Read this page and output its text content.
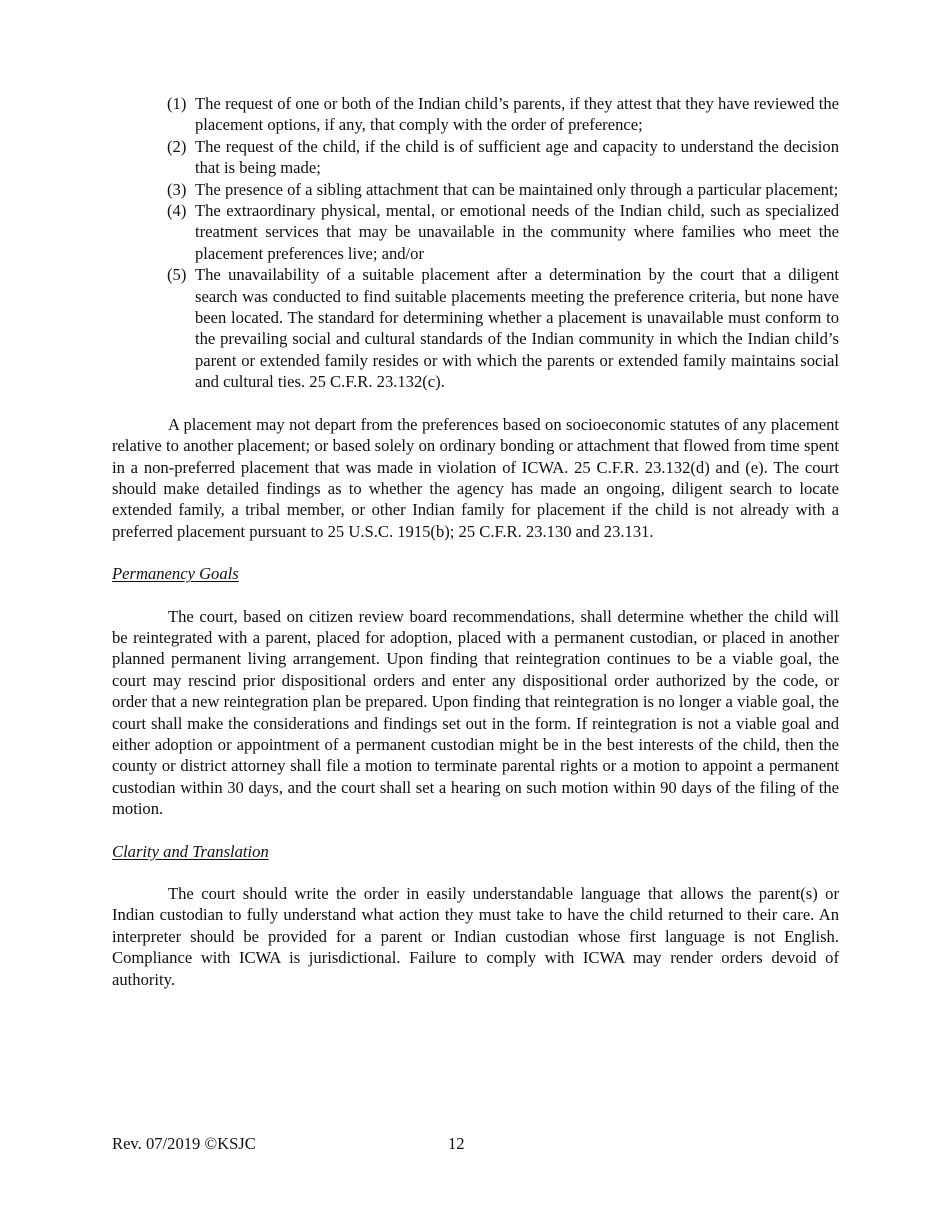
(1) The request of one or both of the Indian child’s parents, if they attest that they have reviewed the placement options, if any, that comply with the order of preference;
(2) The request of the child, if the child is of sufficient age and capacity to understand the decision that is being made;
(3) The presence of a sibling attachment that can be maintained only through a particular placement;
(4) The extraordinary physical, mental, or emotional needs of the Indian child, such as specialized treatment services that may be unavailable in the community where families who meet the placement preferences live; and/or
(5) The unavailability of a suitable placement after a determination by the court that a diligent search was conducted to find suitable placements meeting the preference criteria, but none have been located. The standard for determining whether a placement is unavailable must conform to the prevailing social and cultural standards of the Indian community in which the Indian child’s parent or extended family resides or with which the parents or extended family maintains social and cultural ties. 25 C.F.R. 23.132(c).

A placement may not depart from the preferences based on socioeconomic statutes of any placement relative to another placement; or based solely on ordinary bonding or attachment that flowed from time spent in a non-preferred placement that was made in violation of ICWA. 25 C.F.R. 23.132(d) and (e). The court should make detailed findings as to whether the agency has made an ongoing, diligent search to locate extended family, a tribal member, or other Indian family for placement if the child is not already with a preferred placement pursuant to 25 U.S.C. 1915(b); 25 C.F.R. 23.130 and 23.131.

Permanency Goals

The court, based on citizen review board recommendations, shall determine whether the child will be reintegrated with a parent, placed for adoption, placed with a permanent custodian, or placed in another planned permanent living arrangement. Upon finding that reintegration continues to be a viable goal, the court may rescind prior dispositional orders and enter any dispositional order authorized by the code, or order that a new reintegration plan be prepared. Upon finding that reintegration is no longer a viable goal, the court shall make the considerations and findings set out in the form. If reintegration is not a viable goal and either adoption or appointment of a permanent custodian might be in the best interests of the child, then the county or district attorney shall file a motion to terminate parental rights or a motion to appoint a permanent custodian within 30 days, and the court shall set a hearing on such motion within 90 days of the filing of the motion.

Clarity and Translation

The court should write the order in easily understandable language that allows the parent(s) or Indian custodian to fully understand what action they must take to have the child returned to their care. An interpreter should be provided for a parent or Indian custodian whose first language is not English. Compliance with ICWA is jurisdictional. Failure to comply with ICWA may render orders devoid of authority.

Rev. 07/2019 ©KSJC	12
